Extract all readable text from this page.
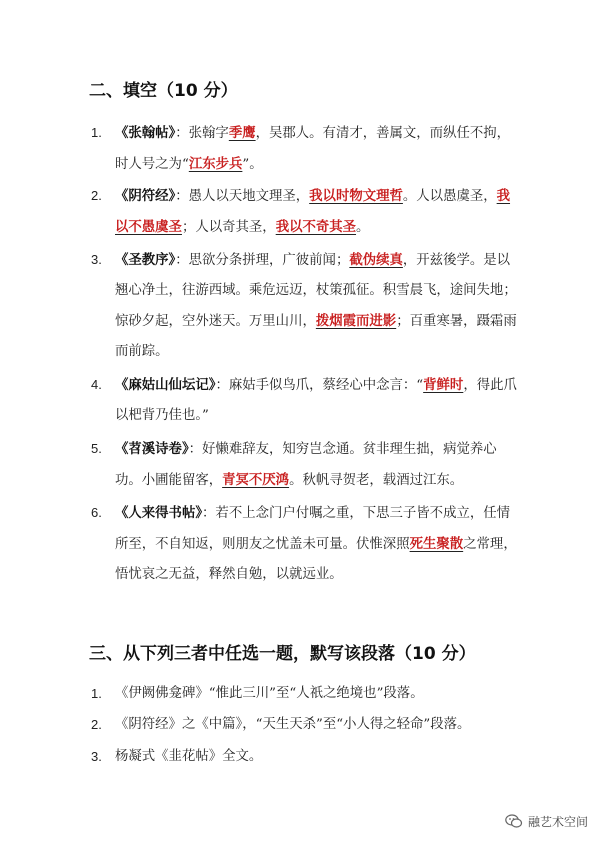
二、填空（10 分）
1. 《张翰帖》：张翰字季鹰，吴郡人。有清才，善属文，而纵任不拘，时人号之为“江东步兵”。
2. 《阴符经》：愚人以天地文理圣，我以时物文理哲。人以愚虞圣，我以不愚虞圣；人以奇其圣，我以不奇其圣。
3. 《圣教序》：思欲分条拼理，广彼前闻；截伪续真，开兹後学。是以翘心净土，往游西域。乘危远迈，杖策孤征。积雪晨飞，途间失地；惊砂夕起，空外迷天。万里山川，拨烟霞而进影；百重寒暑，蹑霜雨而前踪。
4. 《麻姑山仙坛记》：麻姑手似鸟爪，蔡经心中念言：“背鲜时，得此爪以杷背乃佳也。”
5. 《苕溪诗卷》：好懒难辞友，知穷岂念通。贫非理生拙，病觉养心功。小圃能留客，青冥不厌鸿。秋帆寻贺老，载酒过江东。
6. 《人来得书帖》：若不上念门户付嘱之重，下思三子皆不成立，任情所至，不自知返，则朋友之忧盖未可量。伏惟深照死生聚散之常理，悟忧哀之无益，释然自勉，以就远业。
三、从下列三者中任选一题，默写该段落（10 分）
1. 《伊阙佛龛碑》“惟此三川”至“人祇之绝境也”段落。
2. 《阴符经》之《中篇》，“天生天杀”至“小人得之轻命”段落。
3. 杨凝式《韭花帖》全文。
融艺术空间
